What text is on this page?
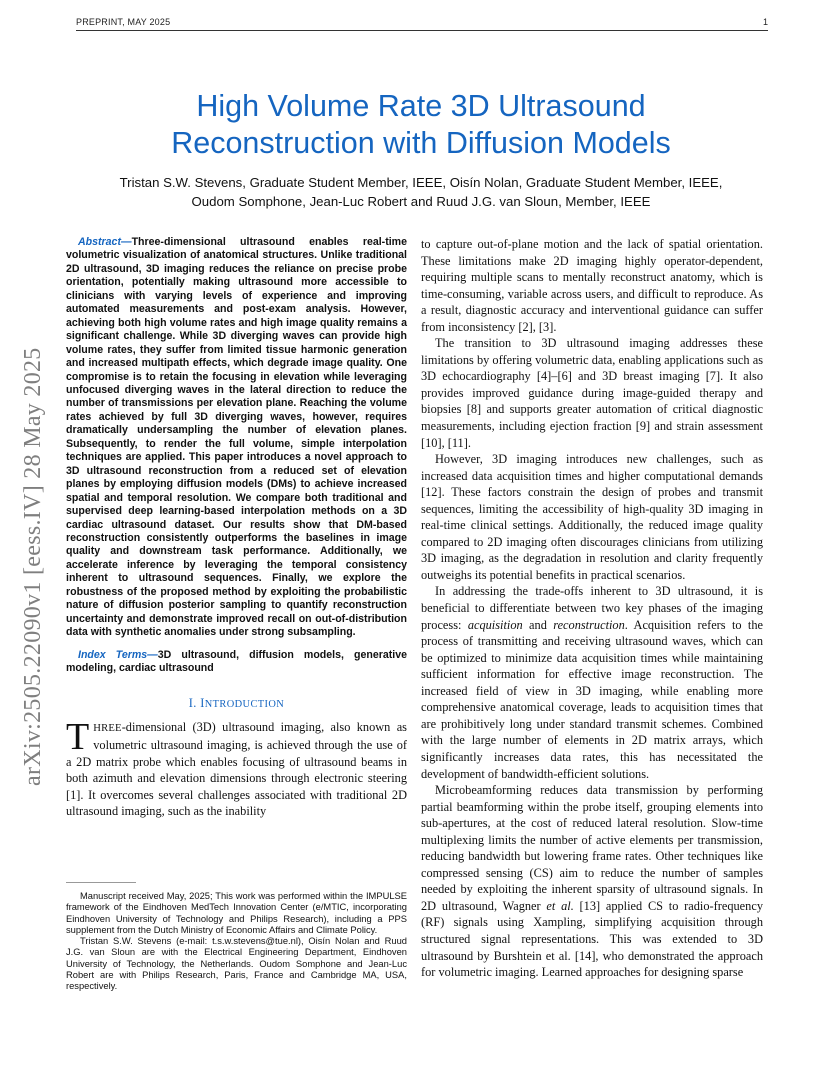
PREPRINT, MAY 2025	1
arXiv:2505.22090v1 [eess.IV] 28 May 2025
High Volume Rate 3D Ultrasound
Reconstruction with Diffusion Models
Tristan S.W. Stevens, Graduate Student Member, IEEE, Oisín Nolan, Graduate Student Member, IEEE,
Oudom Somphone, Jean-Luc Robert and Ruud J.G. van Sloun, Member, IEEE

Abstract—Three-dimensional ultrasound enables real-time volumetric visualization of anatomical structures. Unlike traditional 2D ultrasound, 3D imaging reduces the reliance on precise probe orientation, potentially making ultrasound more accessible to clinicians with varying levels of experience and improving automated measurements and post-exam analysis. However, achieving both high volume rates and high image quality remains a significant challenge. While 3D diverging waves can provide high volume rates, they suffer from limited tissue harmonic generation and increased multipath effects, which degrade image quality. One compromise is to retain the focusing in elevation while leveraging unfocused diverging waves in the lateral direction to reduce the number of transmissions per elevation plane. Reaching the volume rates achieved by full 3D diverging waves, however, requires dramatically undersampling the number of elevation planes. Subsequently, to render the full volume, simple interpolation techniques are applied. This paper introduces a novel approach to 3D ultrasound reconstruction from a reduced set of elevation planes by employing diffusion models (DMs) to achieve increased spatial and temporal resolution. We compare both traditional and supervised deep learning-based interpolation methods on a 3D cardiac ultrasound dataset. Our results show that DM-based reconstruction consistently outperforms the baselines in image quality and downstream task performance. Additionally, we accelerate inference by leveraging the temporal consistency inherent to ultrasound sequences. Finally, we explore the robustness of the proposed method by exploiting the probabilistic nature of diffusion posterior sampling to quantify reconstruction uncertainty and demonstrate improved recall on out-of-distribution data with synthetic anomalies under strong subsampling.

Index Terms—3D ultrasound, diffusion models, generative modeling, cardiac ultrasound

I. INTRODUCTION

THREE-dimensional (3D) ultrasound imaging, also known as volumetric ultrasound imaging, is achieved through the use of a 2D matrix probe which enables focusing of ultrasound beams in both azimuth and elevation dimensions through electronic steering [1]. It overcomes several challenges associated with traditional 2D ultrasound imaging, such as the inability

Manuscript received May, 2025; This work was performed within the IMPULSE framework of the Eindhoven MedTech Innovation Center (e/MTIC, incorporating Eindhoven University of Technology and Philips Research), including a PPS supplement from the Dutch Ministry of Economic Affairs and Climate Policy.

Tristan S.W. Stevens (e-mail: t.s.w.stevens@tue.nl), Oisín Nolan and Ruud J.G. van Sloun are with the Electrical Engineering Department, Eindhoven University of Technology, the Netherlands. Oudom Somphone and Jean-Luc Robert are with Philips Research, Paris, France and Cambridge MA, USA, respectively.

to capture out-of-plane motion and the lack of spatial orientation. These limitations make 2D imaging highly operator-dependent, requiring multiple scans to mentally reconstruct anatomy, which is time-consuming, variable across users, and difficult to reproduce. As a result, diagnostic accuracy and interventional guidance can suffer from inconsistency [2], [3].

The transition to 3D ultrasound imaging addresses these limitations by offering volumetric data, enabling applications such as 3D echocardiography [4]–[6] and 3D breast imaging [7]. It also provides improved guidance during image-guided therapy and biopsies [8] and supports greater automation of critical diagnostic measurements, including ejection fraction [9] and strain assessment [10], [11].

However, 3D imaging introduces new challenges, such as increased data acquisition times and higher computational demands [12]. These factors constrain the design of probes and transmit sequences, limiting the accessibility of high-quality 3D imaging in real-time clinical settings. Additionally, the reduced image quality compared to 2D imaging often discourages clinicians from utilizing 3D imaging, as the degradation in resolution and clarity frequently outweighs its potential benefits in practical scenarios.

In addressing the trade-offs inherent to 3D ultrasound, it is beneficial to differentiate between two key phases of the imaging process: acquisition and reconstruction. Acquisition refers to the process of transmitting and receiving ultrasound waves, which can be optimized to minimize data acquisition times while maintaining sufficient information for effective image reconstruction. The increased field of view in 3D imaging, while enabling more comprehensive anatomical coverage, leads to acquisition times that are prohibitively long under standard transmit schemes. Combined with the large number of elements in 2D matrix arrays, which significantly increases data rates, this has necessitated the development of bandwidth-efficient solutions.

Microbeamforming reduces data transmission by performing partial beamforming within the probe itself, grouping elements into sub-apertures, at the cost of reduced lateral resolution. Slow-time multiplexing limits the number of active elements per transmission, reducing bandwidth but lowering frame rates. Other techniques like compressed sensing (CS) aim to reduce the number of samples needed by exploiting the inherent sparsity of ultrasound signals. In 2D ultrasound, Wagner et al. [13] applied CS to radio-frequency (RF) signals using Xampling, simplifying acquisition through structured signal representations. This was extended to 3D ultrasound by Burshtein et al. [14], who demonstrated the approach for volumetric imaging. Learned approaches for designing sparse
